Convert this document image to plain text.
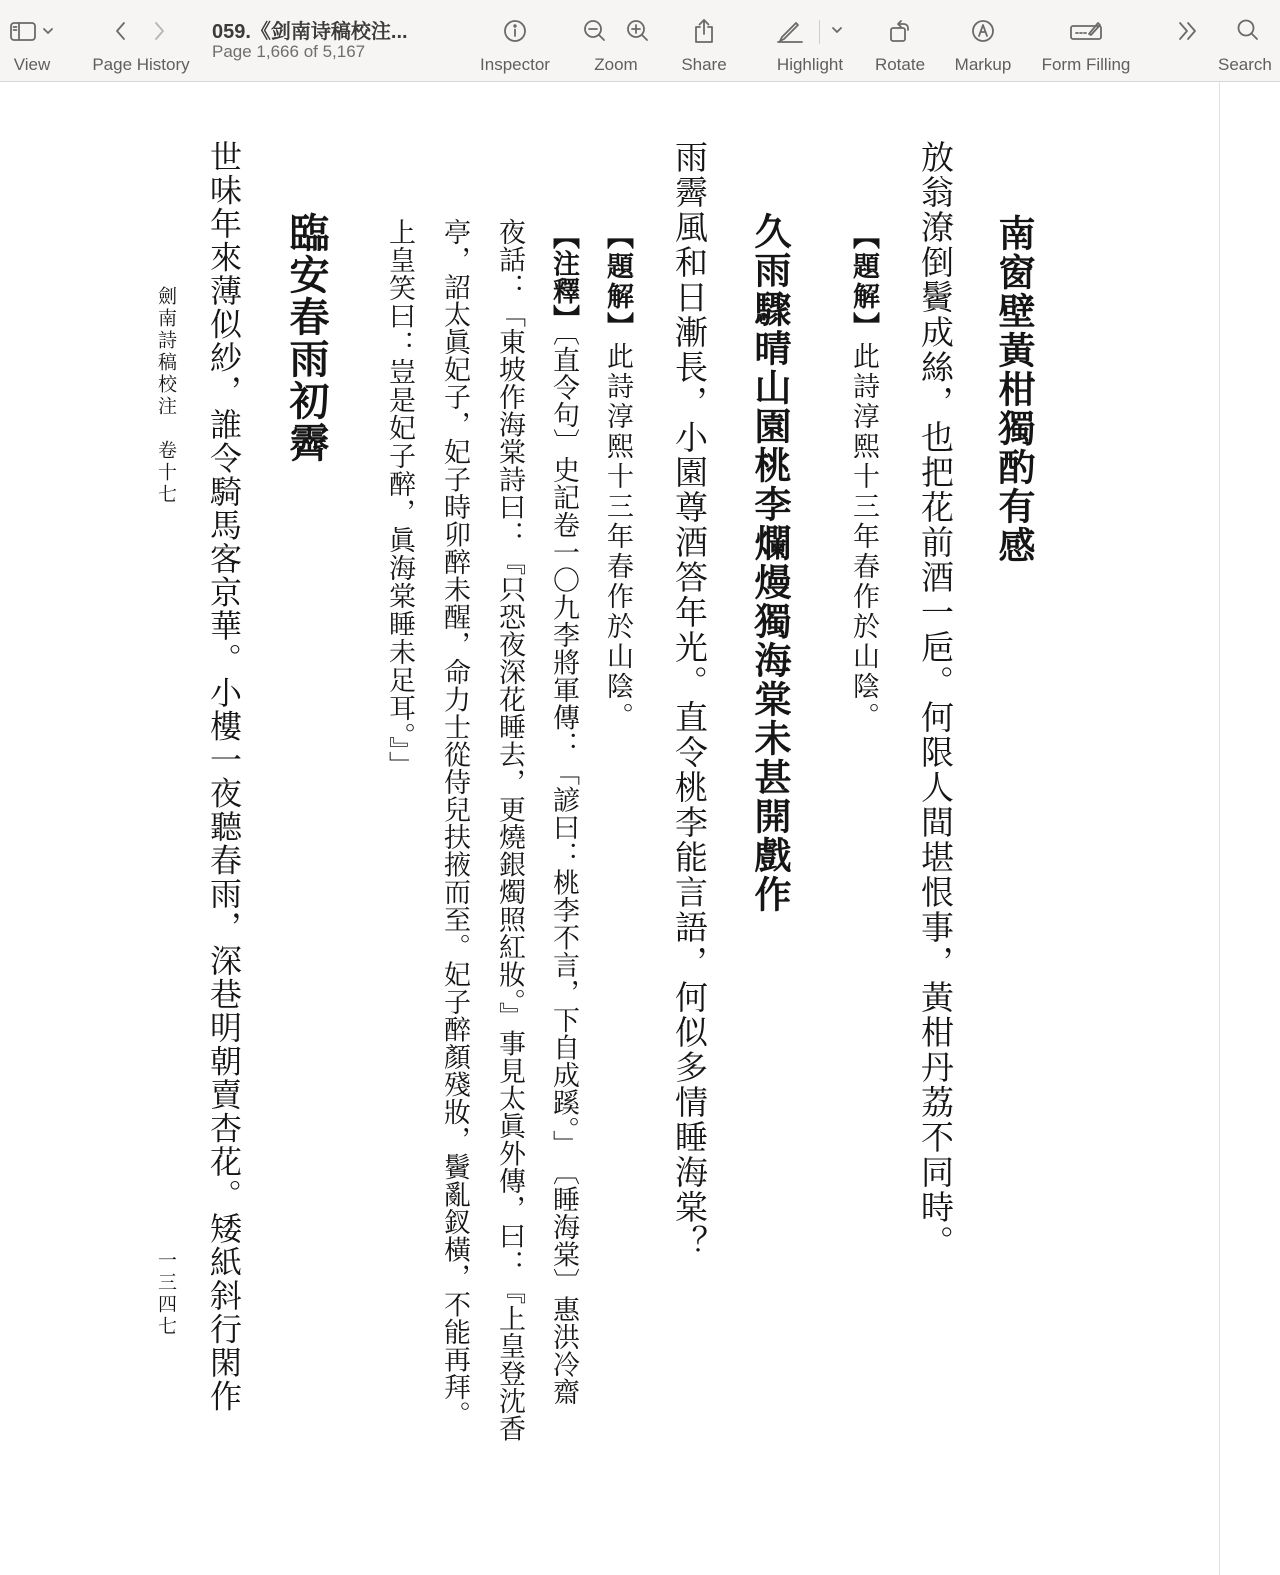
View	Page History
059.《剑南诗稿校注...
Page 1,666 of 5,167
Inspector	Zoom	Share	Highlight	Rotate	Markup	Form Filling	Search
南窗壁黃柑獨酌有感
放翁潦倒鬢成絲，也把花前酒一巵。何限人間堪恨事，黃柑丹荔不同時。
【題解】此詩淳熙十三年春作於山陰。
久雨驟晴山園桃李爛熳獨海棠未甚開戲作
雨霽風和日漸長，小園尊酒答年光。直令桃李能言語，何似多情睡海棠？
【題解】此詩淳熙十三年春作於山陰。
【注釋】〔直令句〕史記卷一〇九李將軍傳：「諺曰：桃李不言，下自成蹊。」　〔睡海棠〕惠洪冷齋
夜話：「東坡作海棠詩曰：『只恐夜深花睡去，更燒銀燭照紅妝。』事見太眞外傳，曰：『上皇登沈香
亭，詔太眞妃子，妃子時卯醉未醒，命力士從侍兒扶掖而至。妃子醉顏殘妝，鬢亂釵橫，不能再拜。
上皇笑曰：豈是妃子醉，眞海棠睡未足耳。』」
臨安春雨初霽
世味年來薄似紗，誰令騎馬客京華。小樓一夜聽春雨，深巷明朝賣杏花。矮紙斜行閑作
劍南詩稿校注　卷十七
一三四七
